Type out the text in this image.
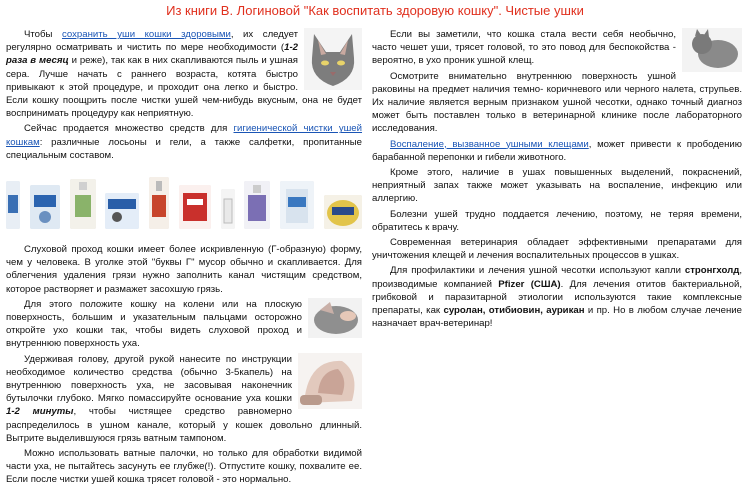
Из книги В. Логиновой "Как воспитать здоровую кошку". Чистые ушки

Чтобы сохранить уши кошки здоровыми, их следует регулярно осматривать и чистить по мере необходимости (1-2 раза в месяц и реже), так как в них скапливаются пыль и ушная сера. Лучше начать с раннего возраста, котята быстро привыкают к этой процедуре, и проходит она легко и быстро. Если кошку поощрить после чистки ушей чем-нибудь вкусным, она не будет воспринимать процедуру как неприятную.

Сейчас продается множество средств для гигиенической чистки ушей кошкам: различные лосьоны и гели, а также салфетки, пропитанные специальным составом.

Слуховой проход кошки имеет более искривленную (Г-образную) форму, чем у человека. В уголке этой "буквы Г" мусор обычно и скапливается. Для облегчения удаления грязи нужно заполнить канал чистящим средством, которое растворяет и размажет засохшую грязь.

Для этого положите кошку на колени или на плоскую поверхность, большим и указательным пальцами осторожно откройте ухо кошки так, чтобы видеть слуховой проход и внутреннюю поверхность уха.

Удерживая голову, другой рукой нанесите по инструкции необходимое количество средства (обычно 3-5капель) на внутреннюю поверхность уха, не засовывая наконечник бутылочки глубоко. Мягко помассируйте основание уха кошки 1-2 минуты, чтобы чистящее средство равномерно распределилось в ушном канале, который у кошек довольно длинный. Вытрите выделившуюся грязь ватным тампоном.

Можно использовать ватные палочки, но только для обработки видимой части уха, не пытайтесь засунуть ее глубже(!). Отпустите кошку, похвалите ее. Если после чистки ушей кошка трясет головой - это нормально.

Если вы заметили, что кошка стала вести себя необычно, часто чешет уши, трясет головой, то это повод для беспокойства - вероятно, в ухо проник ушной клещ.

Осмотрите внимательно внутреннюю поверхность ушной раковины на предмет наличия темно- коричневого или черного налета, струпьев. Их наличие является верным признаком ушной чесотки, однако точный диагноз может быть поставлен только в ветеринарной клинике после лабораторного исследования.

Воспаление, вызванное ушными клещами, может привести к прободению барабанной перепонки и гибели животного.

Кроме этого, наличие в ушах повышенных выделений, покраснений, неприятный запах также может указывать на воспаление, инфекцию или аллергию.

Болезни ушей трудно поддается лечению, поэтому, не теряя времени, обратитесь к врачу.

Современная ветеринария обладает эффективными препаратами для уничтожения клещей и лечения воспалительных процессов в ушках.

Для профилактики и лечения ушной чесотки используют капли стронгхолд, производимые компанией Pfizer (США). Для лечения отитов бактериальной, грибковой и паразитарной этиологии используются такие комплексные препараты, как суролан, отибиовин, аурикан и пр. Но в любом случае лечение назначает врач-ветеринар!
